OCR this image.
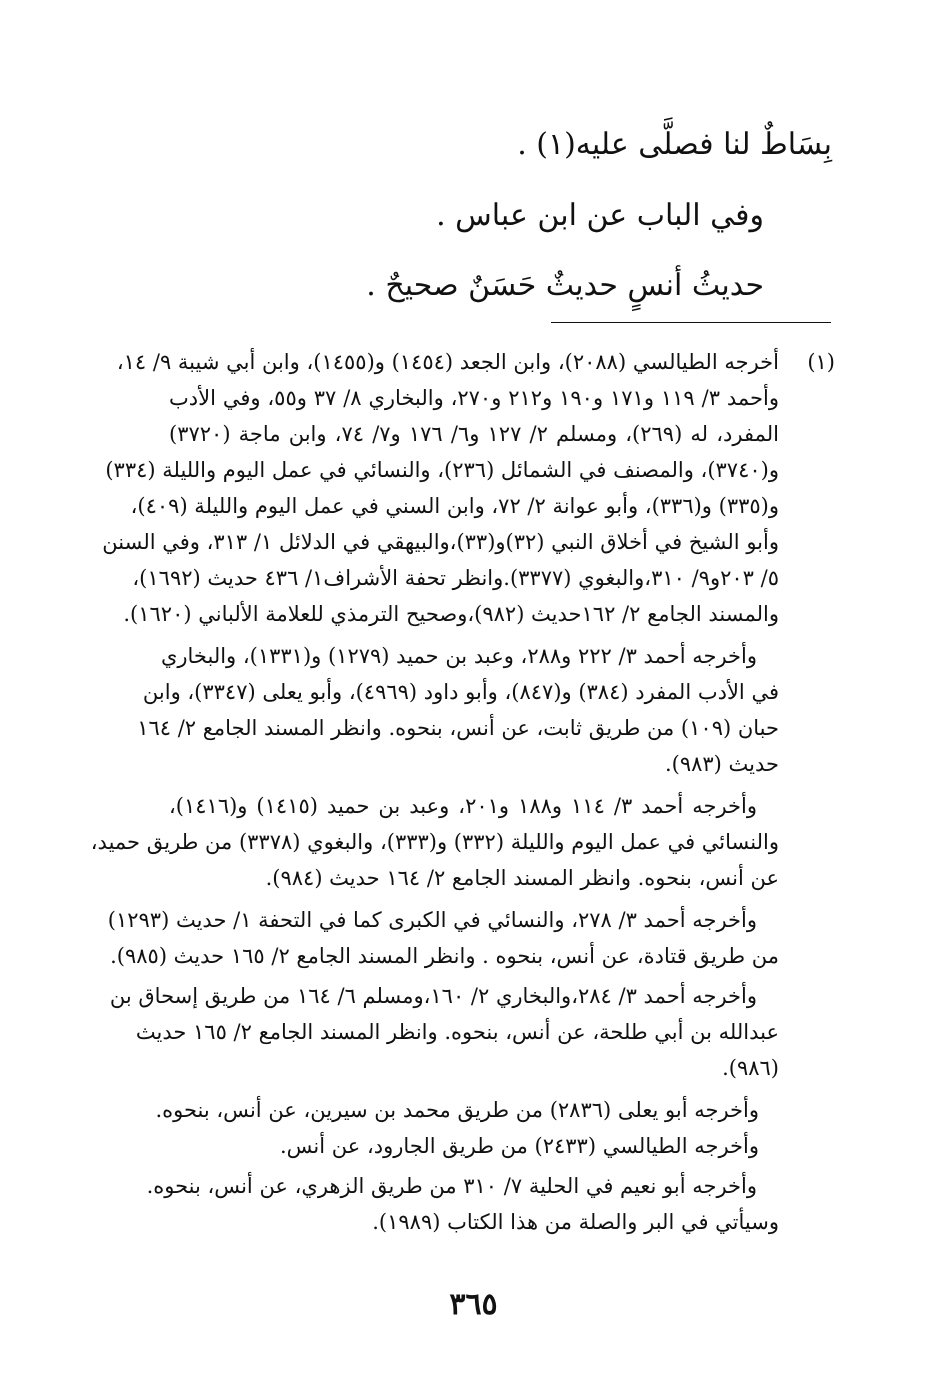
بِسَاطٌ لنا فصلَّى عليه(١) .
وفي الباب عن ابن عباس .
حديثُ أنسٍ حديثٌ حَسَنٌ صحيحٌ .
(١)
أخرجه الطيالسي (٢٠٨٨)، وابن الجعد (١٤٥٤) و(١٤٥٥)، وابن أبي شيبة ٩/ ١٤،
وأحمد ٣/ ١١٩ و١٧١ و١٩٠ و٢١٢ و٢٧٠، والبخاري ٨/ ٣٧ و٥٥، وفي الأدب
المفرد، له (٢٦٩)، ومسلم ٢/ ١٢٧ و٦/ ١٧٦ و٧/ ٧٤، وابن ماجة (٣٧٢٠)
و(٣٧٤٠)، والمصنف في الشمائل (٢٣٦)، والنسائي في عمل اليوم والليلة (٣٣٤)
و(٣٣٥) و(٣٣٦)، وأبو عوانة ٢/ ٧٢، وابن السني في عمل اليوم والليلة (٤٠٩)،
وأبو الشيخ في أخلاق النبي (٣٢)و(٣٣)،والبيهقي في الدلائل ١/ ٣١٣، وفي السنن
٥/ ٢٠٣و٩/ ٣١٠،والبغوي (٣٣٧٧).وانظر تحفة الأشراف١/ ٤٣٦ حديث (١٦٩٢)،
والمسند الجامع ٢/ ١٦٢حديث (٩٨٢)،وصحيح الترمذي للعلامة الألباني (١٦٢٠).
وأخرجه أحمد ٣/ ٢٢٢ و٢٨٨، وعبد بن حميد (١٢٧٩) و(١٣٣١)، والبخاري
في الأدب المفرد (٣٨٤) و(٨٤٧)، وأبو داود (٤٩٦٩)، وأبو يعلى (٣٣٤٧)، وابن
حبان (١٠٩) من طريق ثابت، عن أنس، بنحوه. وانظر المسند الجامع ٢/ ١٦٤
حديث (٩٨٣).
وأخرجه أحمد ٣/ ١١٤ و١٨٨ و٢٠١، وعبد بن حميد (١٤١٥) و(١٤١٦)،
والنسائي في عمل اليوم والليلة (٣٣٢) و(٣٣٣)، والبغوي (٣٣٧٨) من طريق حميد،
عن أنس، بنحوه. وانظر المسند الجامع ٢/ ١٦٤ حديث (٩٨٤).
وأخرجه أحمد ٣/ ٢٧٨، والنسائي في الكبرى كما في التحفة ١/ حديث (١٢٩٣)
من طريق قتادة، عن أنس، بنحوه . وانظر المسند الجامع ٢/ ١٦٥ حديث (٩٨٥).
وأخرجه أحمد ٣/ ٢٨٤،والبخاري ٢/ ١٦٠،ومسلم ٦/ ١٦٤ من طريق إسحاق بن
عبدالله بن أبي طلحة، عن أنس، بنحوه. وانظر المسند الجامع ٢/ ١٦٥ حديث
(٩٨٦).
وأخرجه أبو يعلى (٢٨٣٦) من طريق محمد بن سيرين، عن أنس، بنحوه.
وأخرجه الطيالسي (٢٤٣٣) من طريق الجارود، عن أنس.
وأخرجه أبو نعيم في الحلية ٧/ ٣١٠ من طريق الزهري، عن أنس، بنحوه.
وسيأتي في البر والصلة من هذا الكتاب (١٩٨٩).
٣٦٥
